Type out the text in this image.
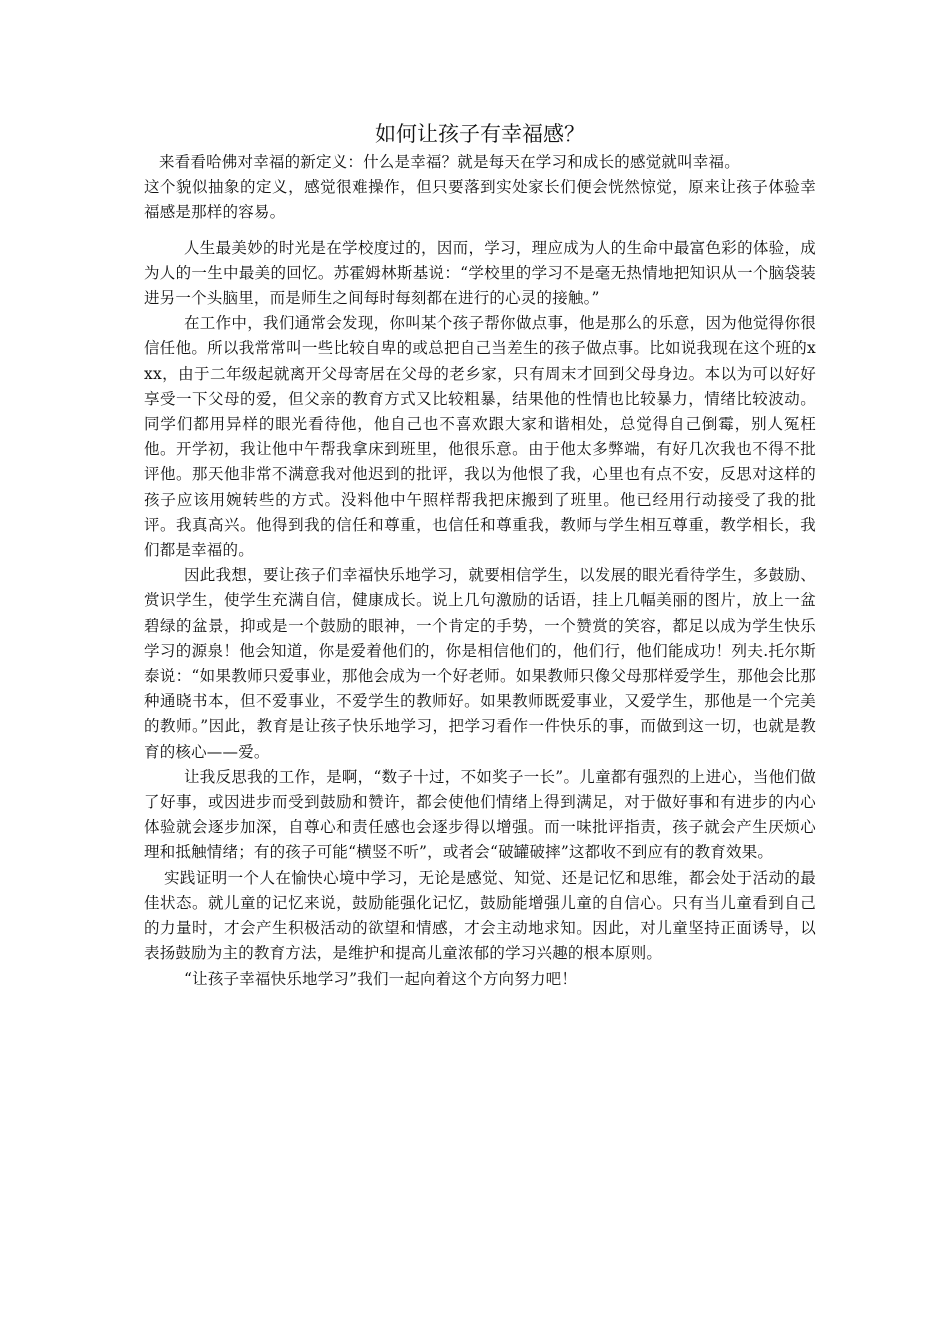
如何让孩子有幸福感？

来看看哈佛对幸福的新定义：什么是幸福？就是每天在学习和成长的感觉就叫幸福。

这个貌似抽象的定义，感觉很难操作，但只要落到实处家长们便会恍然惊觉，原来让孩子体验幸福感是那样的容易。

人生最美妙的时光是在学校度过的，因而，学习，理应成为人的生命中最富色彩的体验，成为人的一生中最美的回忆。苏霍姆林斯基说：“学校里的学习不是毫无热情地把知识从一个脑袋装进另一个头脑里，而是师生之间每时每刻都在进行的心灵的接触。”

在工作中，我们通常会发现，你叫某个孩子帮你做点事，他是那么的乐意，因为他觉得你很信任他。所以我常常叫一些比较自卑的或总把自己当差生的孩子做点事。比如说我现在这个班的xxx，由于二年级起就离开父母寄居在父母的老乡家，只有周末才回到父母身边。本以为可以好好享受一下父母的爱，但父亲的教育方式又比较粗暴，结果他的性情也比较暴力，情绪比较波动。同学们都用异样的眼光看待他，他自己也不喜欢跟大家和谐相处，总觉得自己倒霉，别人冤枉他。开学初，我让他中午帮我拿床到班里，他很乐意。由于他太多弊端，有好几次我也不得不批评他。那天他非常不满意我对他迟到的批评，我以为他恨了我，心里也有点不安，反思对这样的孩子应该用婉转些的方式。没料他中午照样帮我把床搬到了班里。他已经用行动接受了我的批评。我真高兴。他得到我的信任和尊重，也信任和尊重我，教师与学生相互尊重，教学相长，我们都是幸福的。

因此我想，要让孩子们幸福快乐地学习，就要相信学生，以发展的眼光看待学生，多鼓励、赏识学生，使学生充满自信，健康成长。说上几句激励的话语，挂上几幅美丽的图片，放上一盆碧绿的盆景，抑或是一个鼓励的眼神，一个肯定的手势，一个赞赏的笑容，都足以成为学生快乐学习的源泉！他会知道，你是爱着他们的，你是相信他们的，他们行，他们能成功！列夫.托尔斯泰说：“如果教师只爱事业，那他会成为一个好老师。如果教师只像父母那样爱学生，那他会比那种通晓书本，但不爱事业，不爱学生的教师好。如果教师既爱事业，又爱学生，那他是一个完美的教师。”因此，教育是让孩子快乐地学习，把学习看作一件快乐的事，而做到这一切，也就是教育的核心——爱。

让我反思我的工作，是啊，“数子十过，不如奖子一长”。儿童都有强烈的上进心，当他们做了好事，或因进步而受到鼓励和赞许，都会使他们情绪上得到满足，对于做好事和有进步的内心体验就会逐步加深，自尊心和责任感也会逐步得以增强。而一味批评指责，孩子就会产生厌烦心理和抵触情绪；有的孩子可能“横竖不听”，或者会“破罐破摔”这都收不到应有的教育效果。

实践证明一个人在愉快心境中学习，无论是感觉、知觉、还是记忆和思维，都会处于活动的最佳状态。就儿童的记忆来说，鼓励能强化记忆，鼓励能增强儿童的自信心。只有当儿童看到自己的力量时，才会产生积极活动的欲望和情感，才会主动地求知。因此，对儿童坚持正面诱导，以表扬鼓励为主的教育方法，是维护和提高儿童浓郁的学习兴趣的根本原则。

“让孩子幸福快乐地学习”我们一起向着这个方向努力吧！
